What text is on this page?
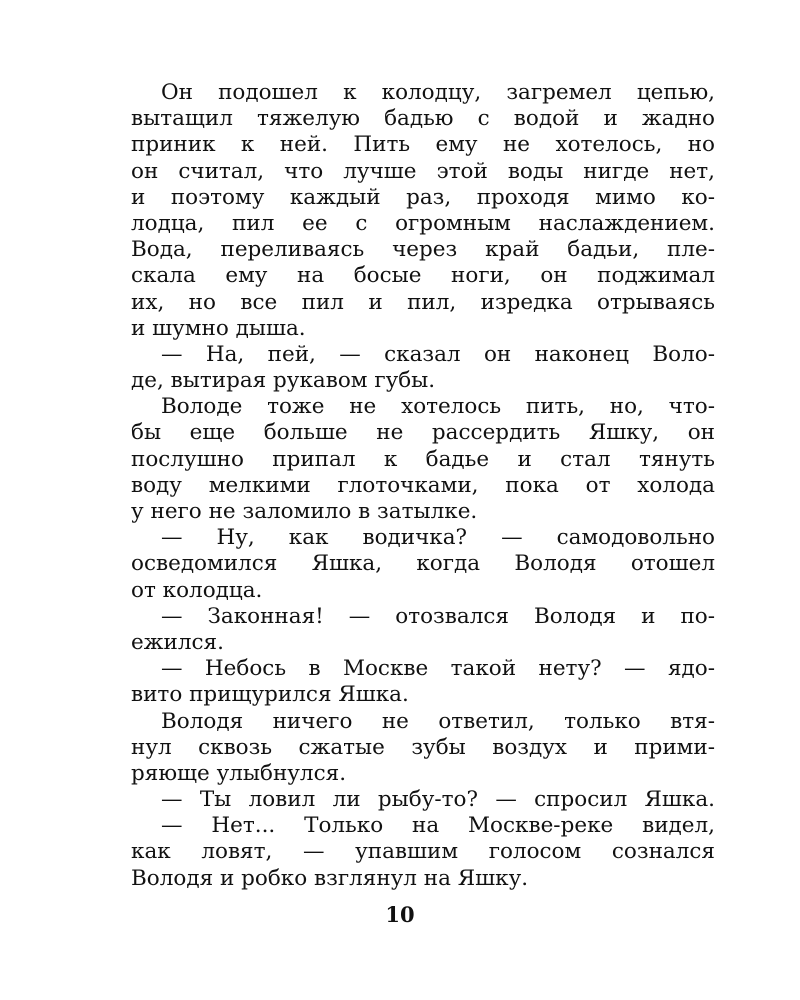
Он подошел к колодцу, загремел цепью,
вытащил тяжелую бадью с водой и жадно
приник к ней. Пить ему не хотелось, но
он считал, что лучше этой воды нигде нет,
и поэтому каждый раз, проходя мимо ко-
лодца, пил ее с огромным наслаждением.
Вода, переливаясь через край бадьи, пле-
скала ему на босые ноги, он поджимал
их, но все пил и пил, изредка отрываясь
и шумно дыша.
— На, пей, — сказал он наконец Воло-
де, вытирая рукавом губы.
Володе тоже не хотелось пить, но, что-
бы еще больше не рассердить Яшку, он
послушно припал к бадье и стал тянуть
воду мелкими глоточками, пока от холода
у него не заломило в затылке.
— Ну, как водичка? — самодовольно
осведомился Яшка, когда Володя отошел
от колодца.
— Законная! — отозвался Володя и по-
ежился.
— Небось в Москве такой нету? — ядо-
вито прищурился Яшка.
Володя ничего не ответил, только втя-
нул сквозь сжатые зубы воздух и прими-
ряюще улыбнулся.
— Ты ловил ли рыбу-то? — спросил Яшка.
— Нет... Только на Москве-реке видел,
как ловят, — упавшим голосом сознался
Володя и робко взглянул на Яшку.
10
